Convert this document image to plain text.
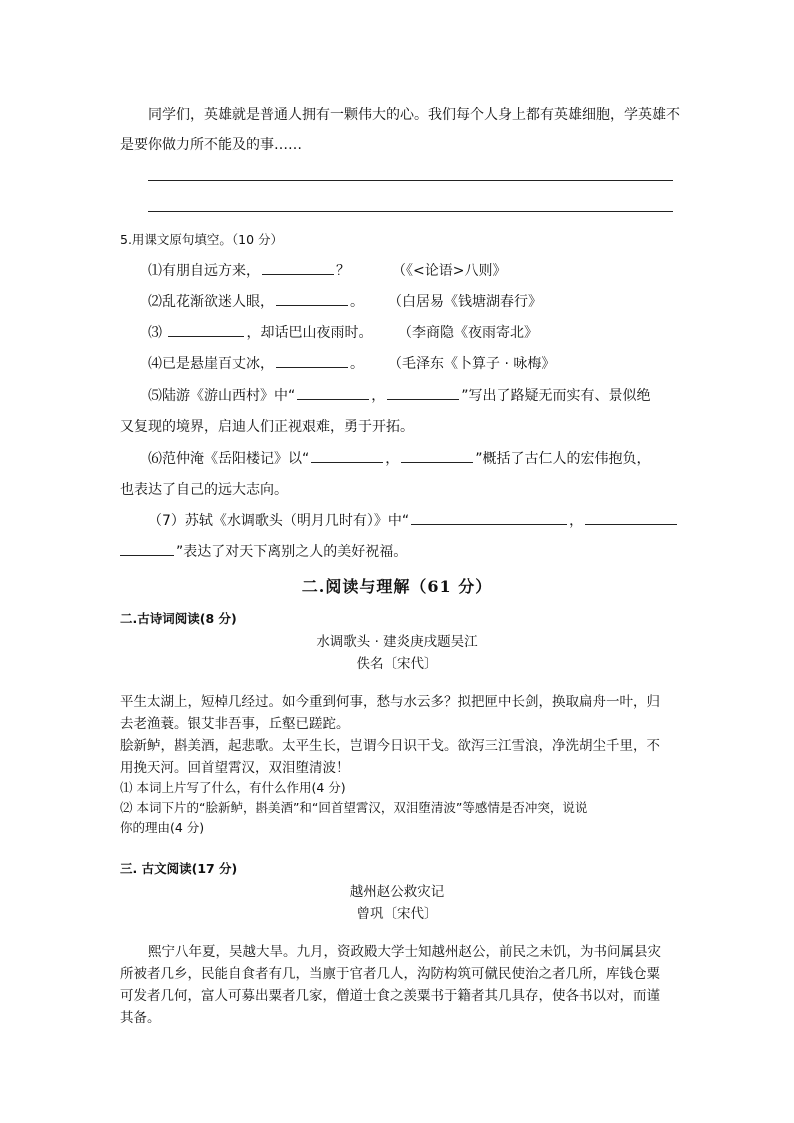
同学们，英雄就是普通人拥有一颗伟大的心。我们每个人身上都有英雄细胞，学英雄不
是要你做力所不能及的事……
5.用课文原句填空。（10 分）
⑴有朋自远方来，	？	（《<论语>八则》
⑵乱花渐欲迷人眼，	。 （白居易《钱塘湖春行》
⑶	，却话巴山夜雨时。 （李商隐《夜雨寄北》
⑷已是悬崖百丈冰，	。 （毛泽东《卜算子 · 咏梅》
⑸陆游《游山西村》中“	，	”写出了路疑无而实有、景似绝
又复现的境界，启迪人们正视艰难，勇于开拓。
⑹范仲淹《岳阳楼记》以“	，	”概括了古仁人的宏伟抱负，
也表达了自己的远大志向。
（7）苏轼《水调歌头（明月几时有）》中“	，
”表达了对天下离别之人的美好祝福。
二.阅读与理解（61 分）
二.古诗词阅读(8 分)
水调歌头 · 建炎庚戌题吴江
佚名〔宋代〕
平生太湖上，短棹几经过。如今重到何事，愁与水云多？拟把匣中长剑，换取扁舟一叶，归
去老渔蓑。银艾非吾事，丘壑已蹉跎。
脍新鲈，斟美酒，起悲歌。太平生长，岂谓今日识干戈。欲泻三江雪浪，净洗胡尘千里，不
用挽天河。回首望霄汉，双泪堕清波！
⑴ 本词上片写了什么，有什么作用(4 分)
⑵ 本词下片的“脍新鲈，斟美酒”和“回首望霄汉，双泪堕清波”等感情是否冲突，说说
你的理由(4 分)
三. 古文阅读(17 分)
越州赵公救灾记
曾巩〔宋代〕
熙宁八年夏，吴越大旱。九月，资政殿大学士知越州赵公，前民之未饥，为书问属县灾
所被者几乡，民能自食者有几，当廪于官者几人，沟防构筑可僦民使治之者几所，库钱仓粟
可发者几何，富人可募出粟者几家，僧道士食之羡粟书于籍者其几具存，使各书以对，而谨
其备。
